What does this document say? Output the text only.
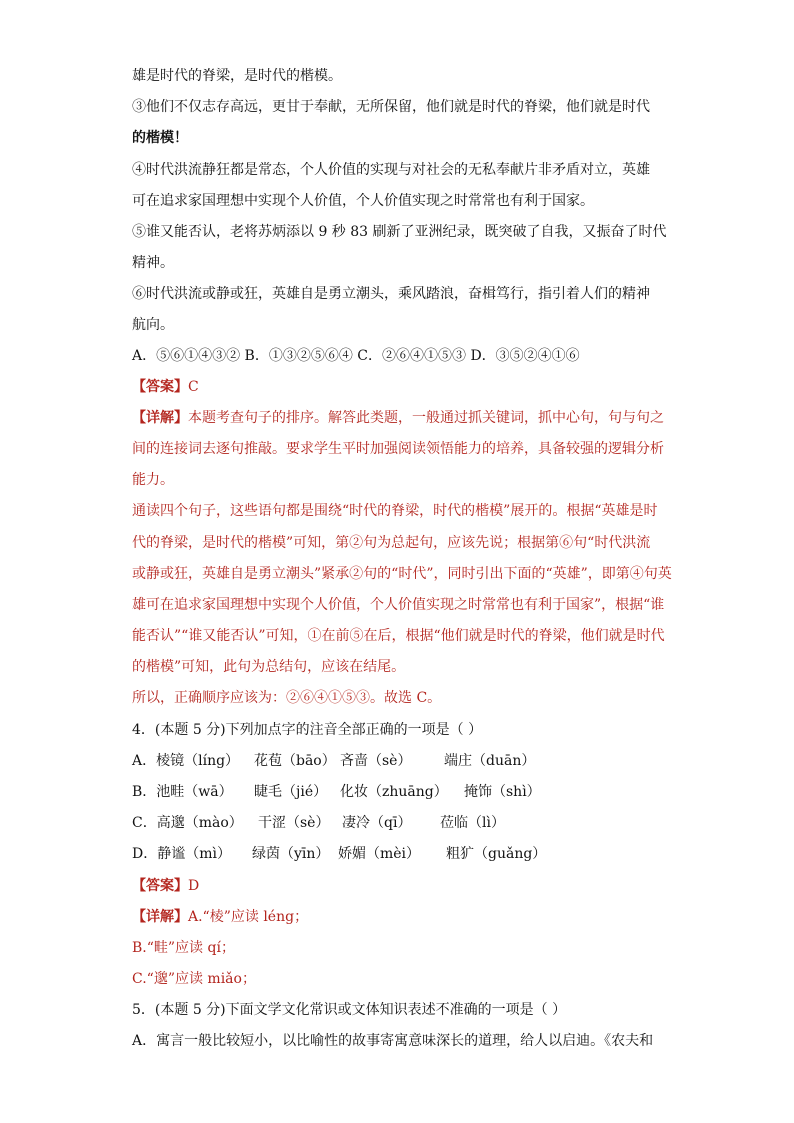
雄是时代的脊梁，是时代的楷模。
③他们不仅志存高远，更甘于奉献，无所保留，他们就是时代的脊梁，他们就是时代
的楷模！
④时代洪流静狂都是常态，个人价值的实现与对社会的无私奉献片非矛盾对立，英雄
可在追求家国理想中实现个人价值，个人价值实现之时常常也有利于国家。
⑤谁又能否认，老将苏炳添以 9 秒 83 刷新了亚洲纪录，既突破了自我，又振奋了时代
精神。
⑥时代洪流或静或狂，英雄自是勇立潮头，乘风踏浪，奋楫笃行，指引着人们的精神
航向。
A．⑤⑥①④③② B．①③②⑤⑥④ C．②⑥④①⑤③ D．③⑤②④①⑥
【答案】C
【详解】本题考查句子的排序。解答此类题，一般通过抓关键词，抓中心句，句与句之
间的连接词去逐句推敲。要求学生平时加强阅读领悟能力的培养，具备较强的逻辑分析
能力。
通读四个句子，这些语句都是围绕“时代的脊梁，时代的楷模”展开的。根据“英雄是时
代的脊梁，是时代的楷模”可知，第②句为总起句，应该先说；根据第⑥句“时代洪流
或静或狂，英雄自是勇立潮头”紧承②句的“时代”，同时引出下面的“英雄”，即第④句英
雄可在追求家国理想中实现个人价值，个人价值实现之时常常也有利于国家”，根据“谁
能否认”“谁又能否认”可知，①在前⑤在后，根据“他们就是时代的脊梁，他们就是时代
的楷模”可知，此句为总结句，应该在结尾。
所以，正确顺序应该为：②⑥④①⑤③。故选 C。
4．(本题 5 分)下列加点字的注音全部正确的一项是（ ）
A．棱镜（líng） 花苞（bāo） 吝啬（sè） 端庄（duān）
B．池畦（wā） 睫毛（jié） 化妆（zhuāng） 掩饰（shì）
C．高邈（mào） 干涩（sè） 凄冷（qī） 莅临（lì）
D．静谧（mì） 绿茵（yīn） 娇媚（mèi） 粗犷（guǎng）
【答案】D
【详解】A.“棱”应读 léng；
B.“畦”应读 qí；
C.“邈”应读 miǎo；
5．(本题 5 分)下面文学文化常识或文体知识表述不准确的一项是（ ）
A．寓言一般比较短小，以比喻性的故事寄寓意味深长的道理，给人以启迪。《农夫和
